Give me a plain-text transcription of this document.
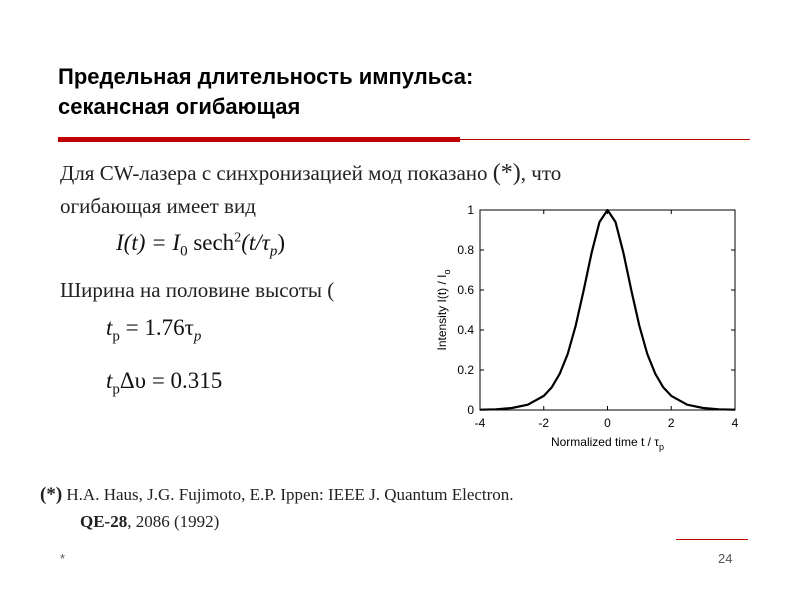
Предельная длительность импульса:
секансная огибающая
Для CW-лазера с синхронизацией мод показано (*), что
огибающая имеет вид
$I(t) = I_0$ $\sec h^2(t/\tau_p)$
Ширина на половине высоты (
$t_p = 1.76\tau_p$
$t_p\Delta\upsilon = 0.315$
-4	-2	0	2	4
0
0.2
0.4
0.6
0.8
1
Normalized time t / $\tau_p$
Intensity $I(t) / I_o$
(*) H.A. Haus, J.G. Fujimoto, E.P. Ippen: IEEE J. Quantum Electron.
QE-28, 2086 (1992)
*	24
